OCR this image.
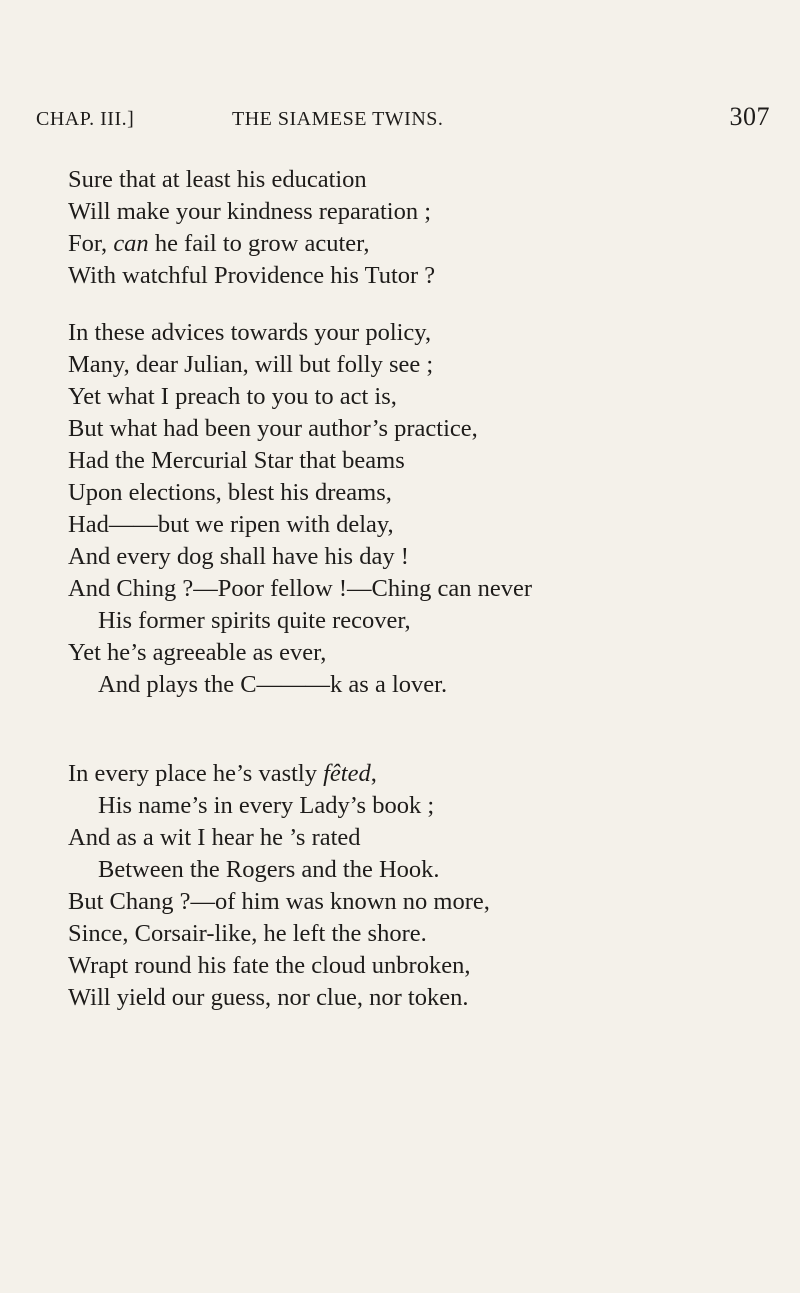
CHAP. III.]	THE SIAMESE TWINS.	307
Sure that at least his education
Will make your kindness reparation ;
For, can he fail to grow acuter,
With watchful Providence his Tutor ?
In these advices towards your policy,
Many, dear Julian, will but folly see ;
Yet what I preach to you to act is,
But what had been your author’s practice,
Had the Mercurial Star that beams
Upon elections, blest his dreams,
Had——but we ripen with delay,
And every dog shall have his day !
And Ching ?—Poor fellow !—Ching can never
His former spirits quite recover,
Yet he’s agreeable as ever,
And plays the C———k as a lover.
In every place he’s vastly fêted,
His name’s in every Lady’s book ;
And as a wit I hear he ’s rated
Between the Rogers and the Hook.
But Chang ?—of him was known no more,
Since, Corsair-like, he left the shore.
Wrapt round his fate the cloud unbroken,
Will yield our guess, nor clue, nor token.
